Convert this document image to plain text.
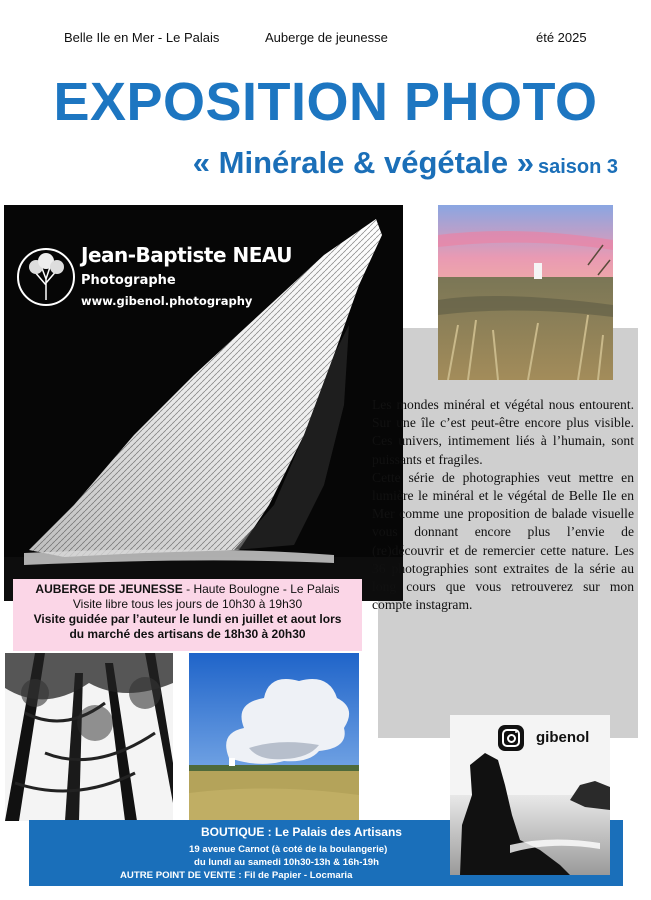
Belle Ile en Mer - Le Palais	Auberge de jeunesse	été 2025
EXPOSITION PHOTO
« Minérale & végétale » saison 3
Jean-Baptiste NEAU
Photographe
www.gibenol.photography

Les mondes minéral et végétal nous entourent. Sur une île c’est peut-être encore plus visible. Ces univers, intimement liés à l’humain, sont puissants et fragiles.

Cette série de photographies veut mettre en lumière le minéral et le végétal de Belle Ile en Mer comme une proposition de balade visuelle vous donnant encore plus l’envie de (re)découvrir et de remercier cette nature. Les 36 photographies sont extraites de la série au long cours que vous retrouverez sur mon compte instagram.

AUBERGE DE JEUNESSE - Haute Boulogne - Le Palais
Visite libre tous les jours de 10h30 à 19h30
Visite guidée par l’auteur le lundi en juillet et aout lors du marché des artisans de 18h30 à 20h30
BOUTIQUE : Le Palais des Artisans
19 avenue Carnot (à coté de la boulangerie)
du lundi au samedi 10h30-13h & 16h-19h
AUTRE POINT DE VENTE : Fil de Papier - Locmaria
gibenol
